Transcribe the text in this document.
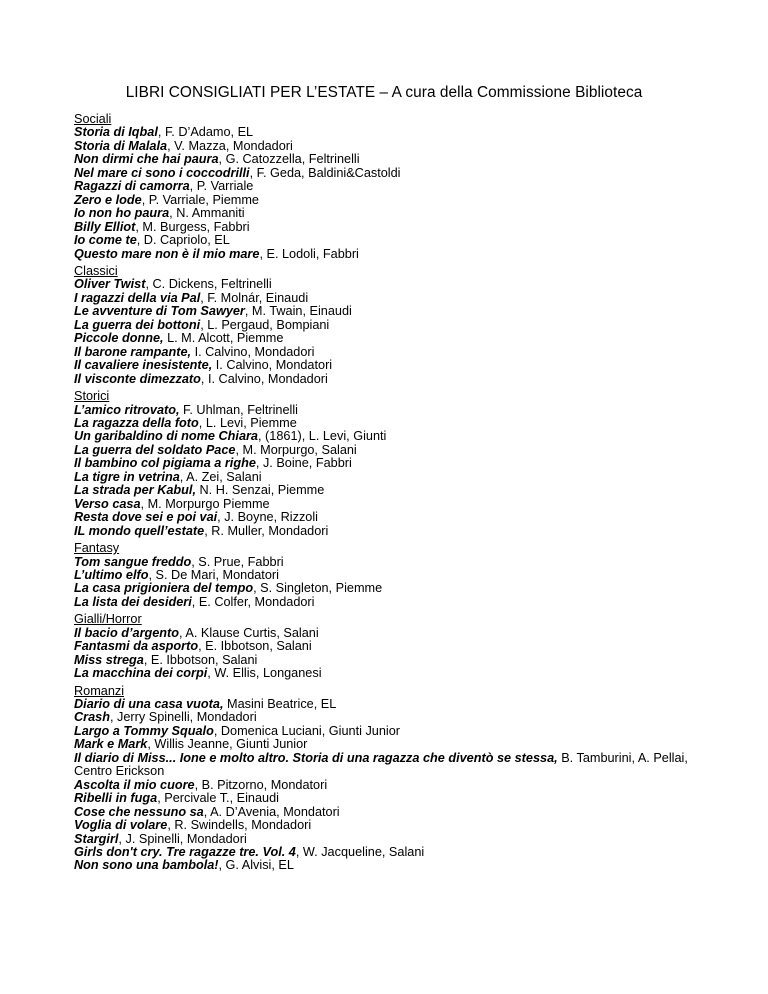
LIBRI CONSIGLIATI PER L’ESTATE – A cura della Commissione Biblioteca
Sociali
Storia di Iqbal, F. D’Adamo, EL
Storia di Malala, V. Mazza, Mondadori
Non dirmi che hai paura, G. Catozzella, Feltrinelli
Nel mare ci sono i coccodrilli, F. Geda, Baldini&Castoldi
Ragazzi di camorra, P. Varriale
Zero e lode, P. Varriale, Piemme
Io non ho paura, N. Ammaniti
Billy Elliot, M. Burgess, Fabbri
Io come te, D. Capriolo, EL
Questo mare non è il mio mare, E. Lodoli, Fabbri
Classici
Oliver Twist, C. Dickens, Feltrinelli
I ragazzi della via Pal, F. Molnár, Einaudi
Le avventure di Tom Sawyer, M. Twain, Einaudi
La guerra dei bottoni, L. Pergaud, Bompiani
Piccole donne, L. M. Alcott, Piemme
Il barone rampante, I. Calvino, Mondadori
Il cavaliere inesistente, I. Calvino, Mondatori
Il visconte dimezzato, I. Calvino, Mondadori
Storici
L’amico ritrovato, F. Uhlman, Feltrinelli
La ragazza della foto, L. Levi, Piemme
Un garibaldino di nome Chiara, (1861), L. Levi, Giunti
La guerra del soldato Pace, M. Morpurgo, Salani
Il bambino col pigiama a righe, J. Boine, Fabbri
La tigre in vetrina, A. Zei, Salani
La strada per Kabul, N. H. Senzai, Piemme
Verso casa, M. Morpurgo Piemme
Resta dove sei e poi vai, J. Boyne, Rizzoli
IL mondo quell’estate, R. Muller, Mondadori
Fantasy
Tom sangue freddo, S. Prue, Fabbri
L’ultimo elfo, S. De Mari, Mondatori
La casa prigioniera del tempo, S. Singleton, Piemme
La lista dei desideri, E. Colfer, Mondadori
Gialli/Horror
Il bacio d’argento, A. Klause Curtis, Salani
Fantasmi da asporto, E. Ibbotson, Salani
Miss strega, E. Ibbotson, Salani
La macchina dei corpi, W. Ellis, Longanesi
Romanzi
Diario di una casa vuota, Masini Beatrice, EL
Crash, Jerry Spinelli, Mondadori
Largo a Tommy Squalo, Domenica Luciani, Giunti Junior
Mark e Mark, Willis Jeanne, Giunti Junior
Il diario di Miss... Ione e molto altro. Storia di una ragazza che diventò se stessa, B. Tamburini, A. Pellai, Centro Erickson
Ascolta il mio cuore, B. Pitzorno, Mondatori
Ribelli in fuga, Percivale T., Einaudi
Cose che nessuno sa, A. D’Avenia, Mondatori
Voglia di volare, R. Swindells, Mondadori
Stargirl, J. Spinelli, Mondadori
Girls don't cry. Tre ragazze tre. Vol. 4, W. Jacqueline, Salani
Non sono una bambola!, G. Alvisi, EL
